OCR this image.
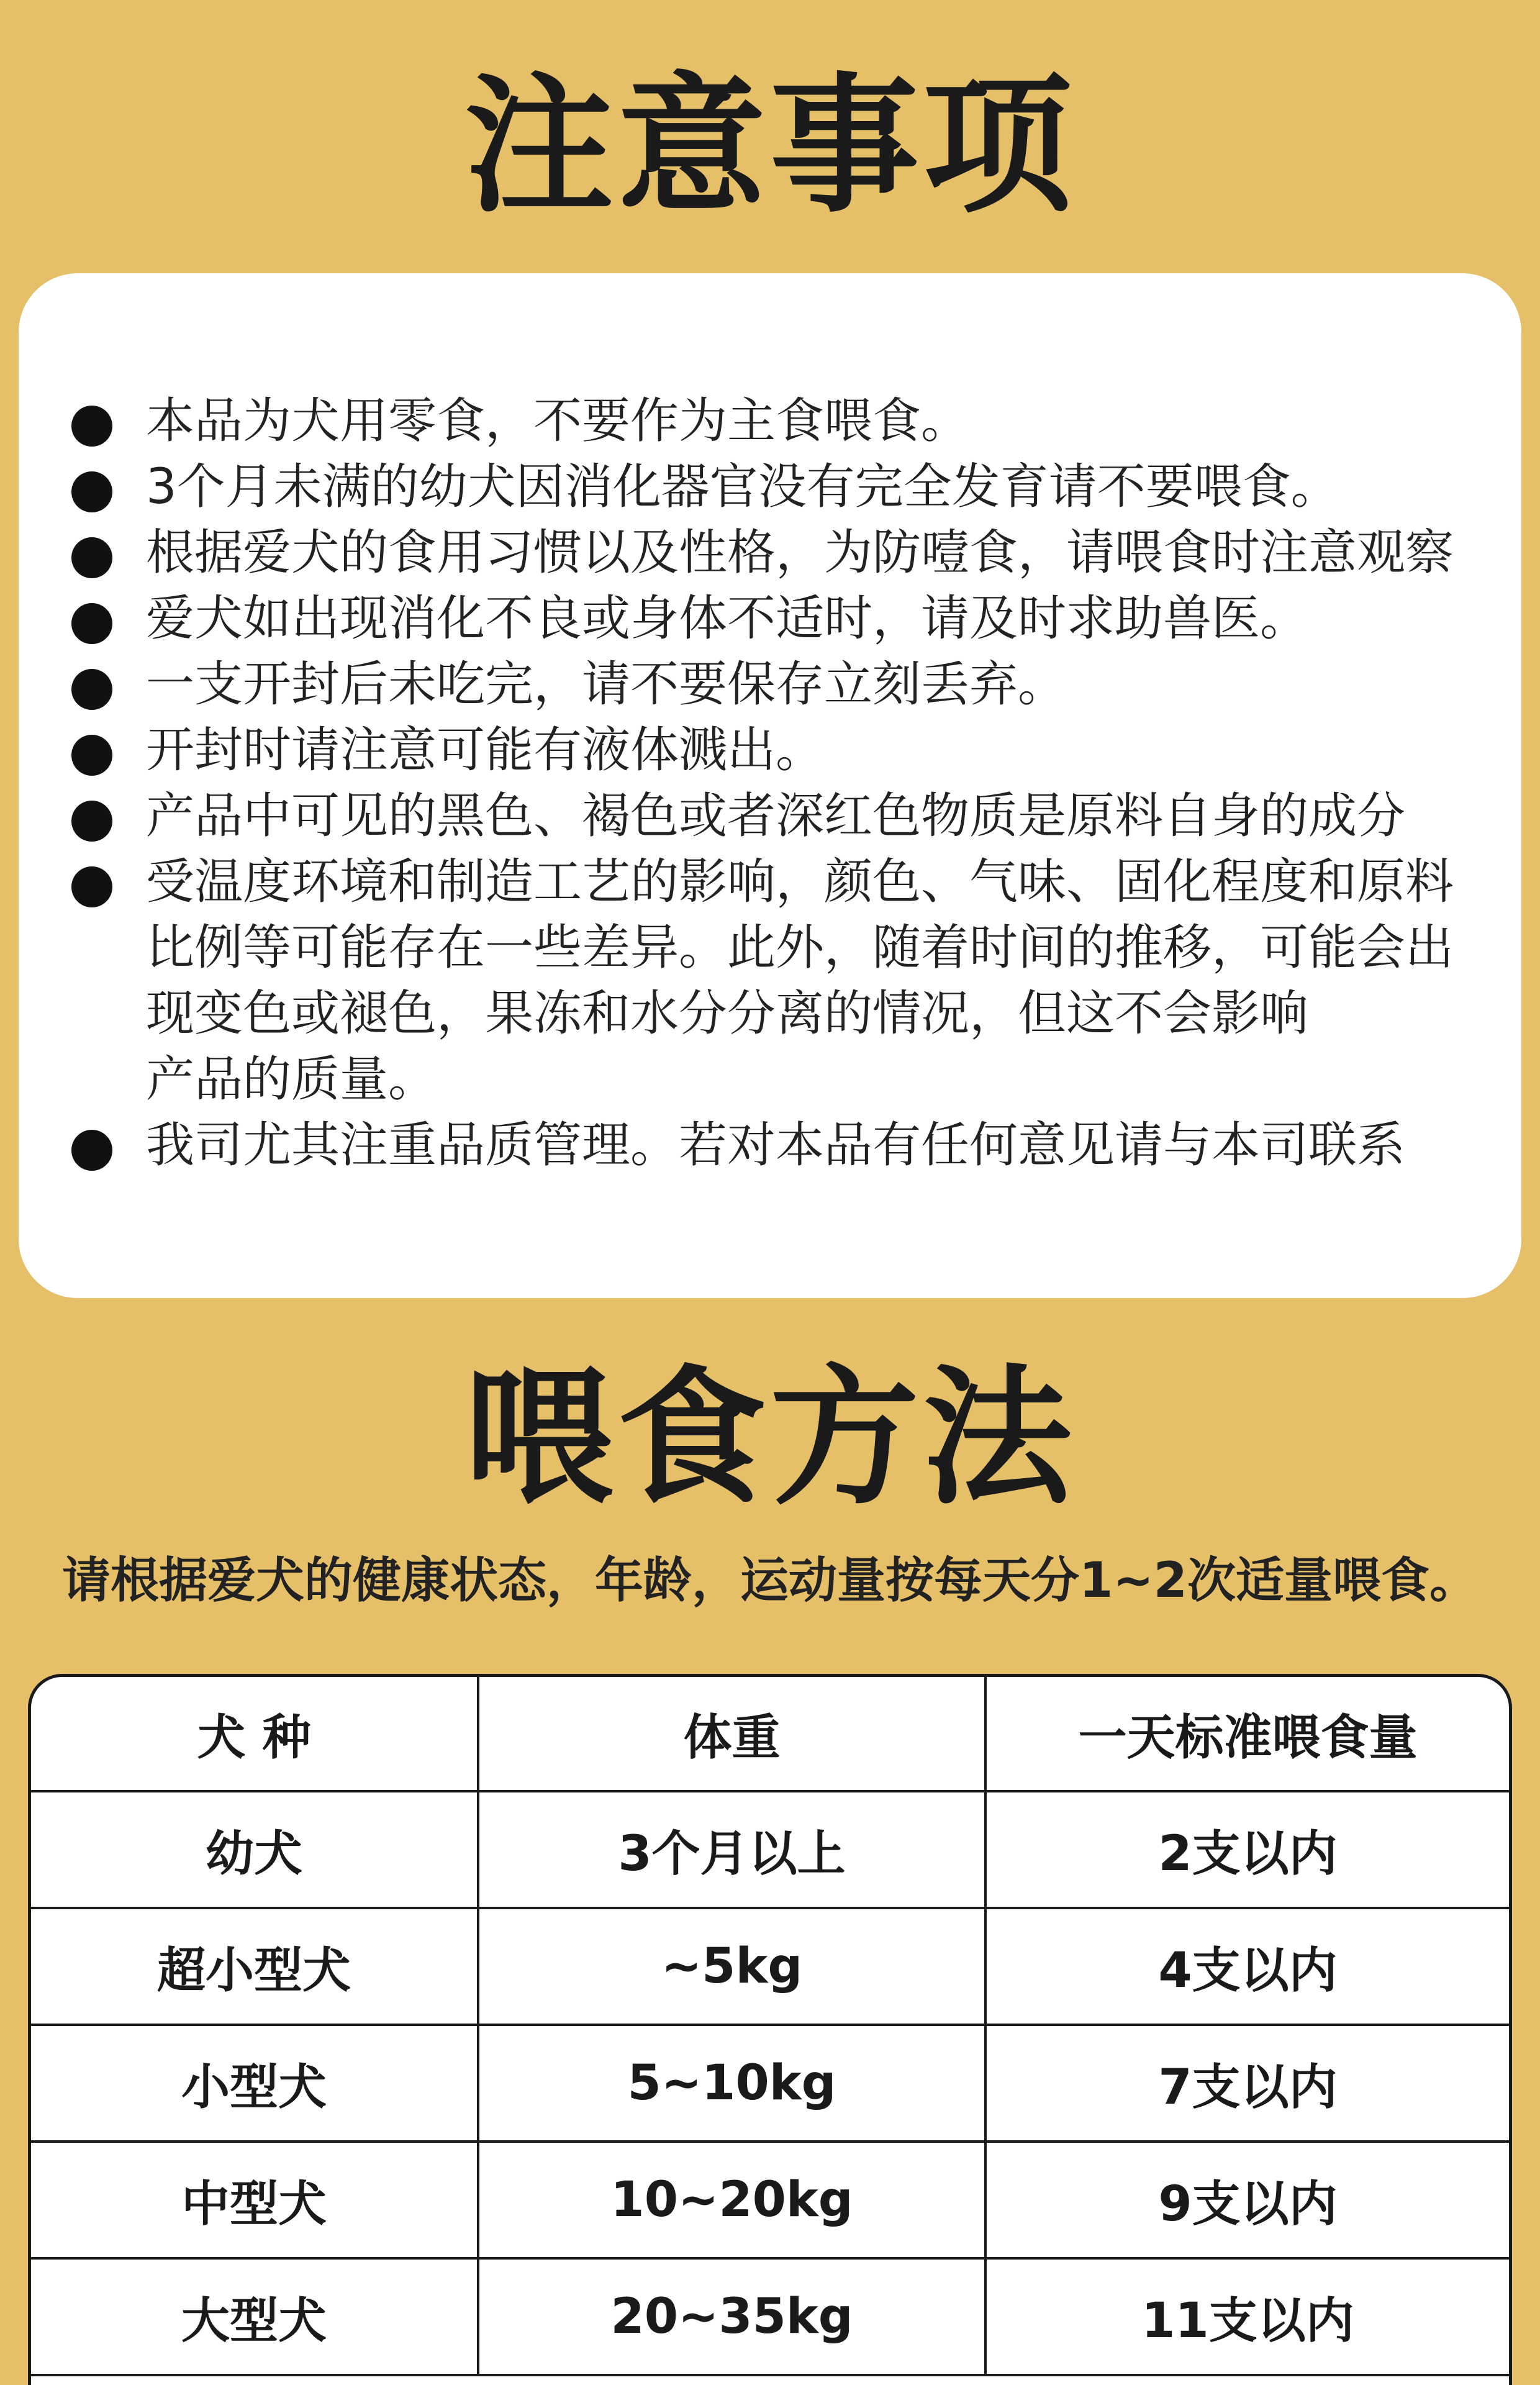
注意事项
本品为犬用零食，不要作为主食喂食。
3个月未满的幼犬因消化器官没有完全发育请不要喂食。
根据爱犬的食用习惯以及性格，为防噎食，请喂食时注意观察
爱犬如出现消化不良或身体不适时，请及时求助兽医。
一支开封后未吃完，请不要保存立刻丢弃。
开封时请注意可能有液体溅出。
产品中可见的黑色、褐色或者深红色物质是原料自身的成分
受温度环境和制造工艺的影响，颜色、气味、固化程度和原料
比例等可能存在一些差异。此外，随着时间的推移，可能会出
现变色或褪色，果冻和水分分离的情况，但这不会影响
产品的质量。
我司尤其注重品质管理。若对本品有任何意见请与本司联系
喂食方法
请根据爱犬的健康状态，年龄，运动量按每天分1~2次适量喂食。
犬 种	体重	一天标准喂食量
幼犬	3个月以上	2支以内
超小型犬	~5kg	4支以内
小型犬	5~10kg	7支以内
中型犬	10~20kg	9支以内
大型犬	20~35kg	11支以内
